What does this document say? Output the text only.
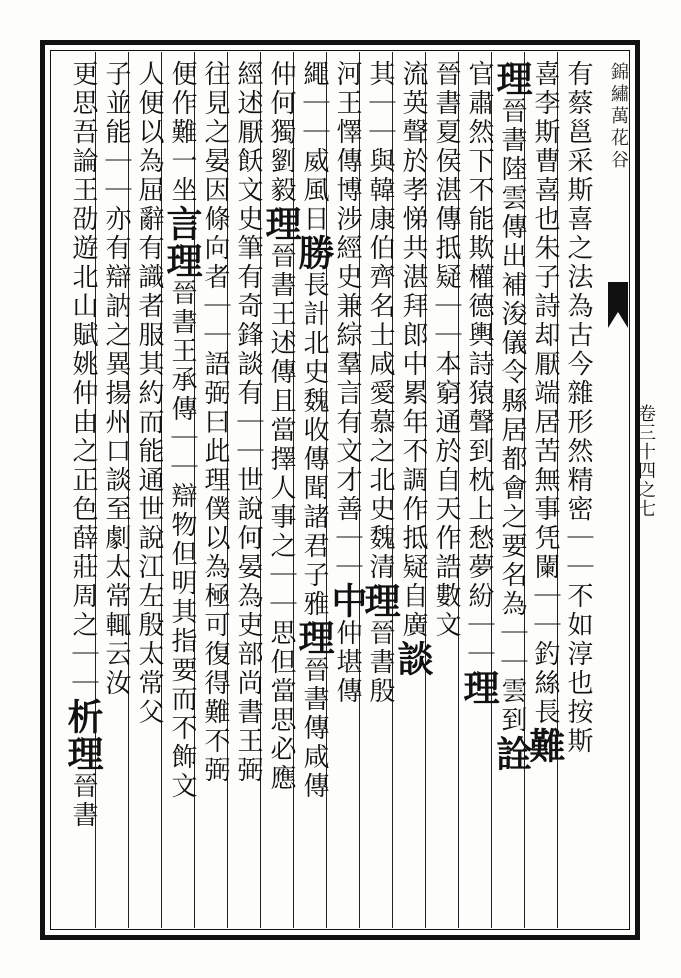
錦繡萬花谷
卷三十四之七
有蔡邕采斯喜之法為古今雜形然精密｜｜不如淳也按斯
喜李斯曹喜也朱子詩却厭端居苦無事凭闌｜｜釣絲長難
理晉書陸雲傳出補浚儀令縣居都會之要名為｜｜雲到詮
官肅然下不能欺權德輿詩猿聲到枕上愁夢紛｜｜理
晉書夏侯湛傳抵疑｜｜本窮通於自天作誥數文
流英聲於孝悌共湛拜郎中累年不調作抵疑自廣談
其｜｜與韓康伯齊名士咸愛慕之北史魏清理晉書殷
河王懌傳博涉經史兼綜羣言有文才善｜｜中仲堪傳
繩｜｜威風日勝長計北史魏收傳聞諸君子雅理晉書傳咸傳
仲何獨劉毅理晉書王述傳且當擇人事之｜｜思但當思必應
經述厭飫文史筆有奇鋒談有｜｜世說何晏為吏部尚書王弼
往見之晏因條向者｜｜語弼曰此理僕以為極可復得難不弼
便作難一坐言理晉書王承傳｜｜辯物但明其指要而不飾文
人便以為屈辭有識者服其約而能通世說江左殷太常父
子並能｜｜亦有辯訥之異揚州口談至劇太常輒云汝
更思吾論王劭遊北山賦姚仲由之正色薛莊周之｜｜析理晉書
